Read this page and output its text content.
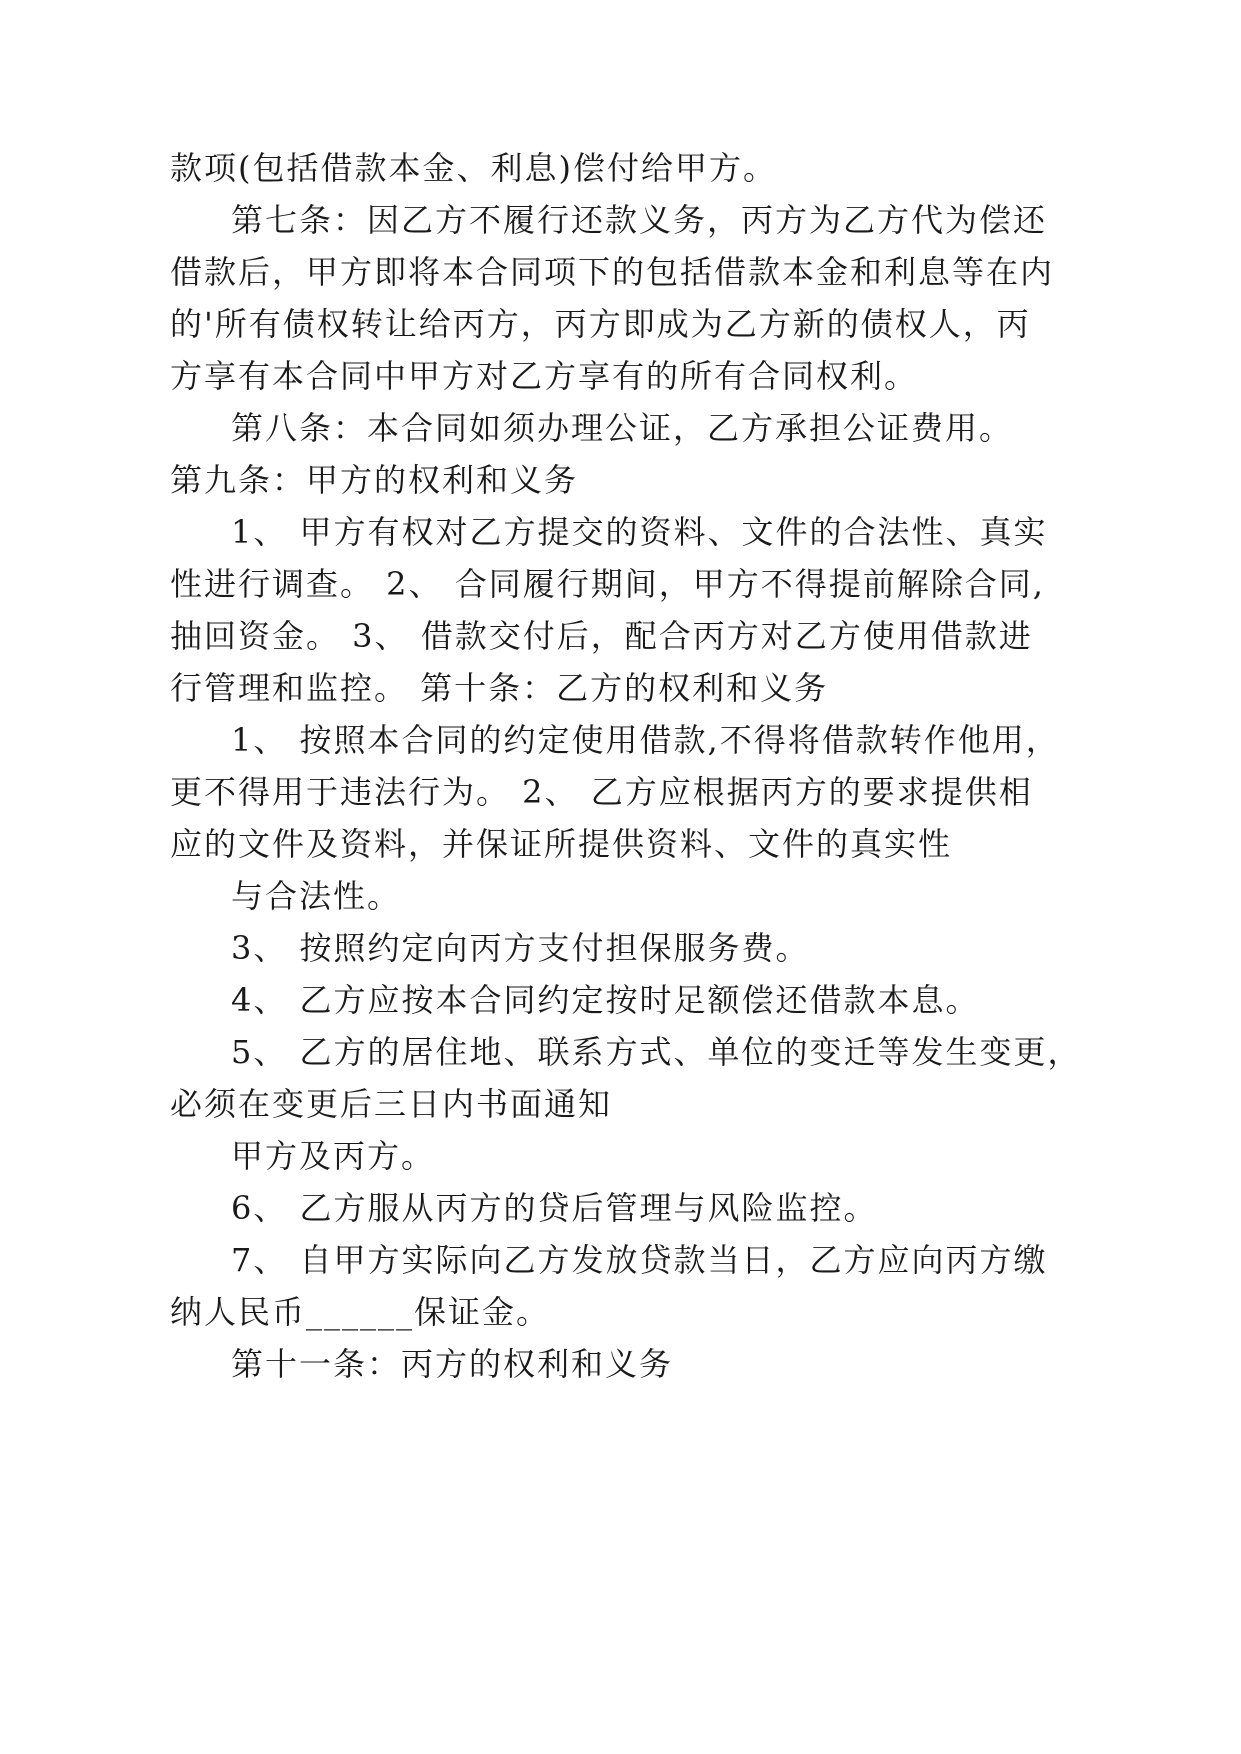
款项(包括借款本金、利息)偿付给甲方。
第七条：因乙方不履行还款义务，丙方为乙方代为偿还
借款后，甲方即将本合同项下的包括借款本金和利息等在内
的'所有债权转让给丙方，丙方即成为乙方新的债权人，丙
方享有本合同中甲方对乙方享有的所有合同权利。
第八条：本合同如须办理公证，乙方承担公证费用。
第九条：甲方的权利和义务
1、 甲方有权对乙方提交的资料、文件的合法性、真实
性进行调查。 2、 合同履行期间，甲方不得提前解除合同,
抽回资金。 3、 借款交付后，配合丙方对乙方使用借款进
行管理和监控。 第十条：乙方的权利和义务
1、 按照本合同的约定使用借款,不得将借款转作他用，
更不得用于违法行为。 2、 乙方应根据丙方的要求提供相
应的文件及资料，并保证所提供资料、文件的真实性
与合法性。
3、 按照约定向丙方支付担保服务费。
4、 乙方应按本合同约定按时足额偿还借款本息。
5、 乙方的居住地、联系方式、单位的变迁等发生变更，
必须在变更后三日内书面通知
甲方及丙方。
6、 乙方服从丙方的贷后管理与风险监控。
7、 自甲方实际向乙方发放贷款当日，乙方应向丙方缴
纳人民币______保证金。
第十一条：丙方的权利和义务
